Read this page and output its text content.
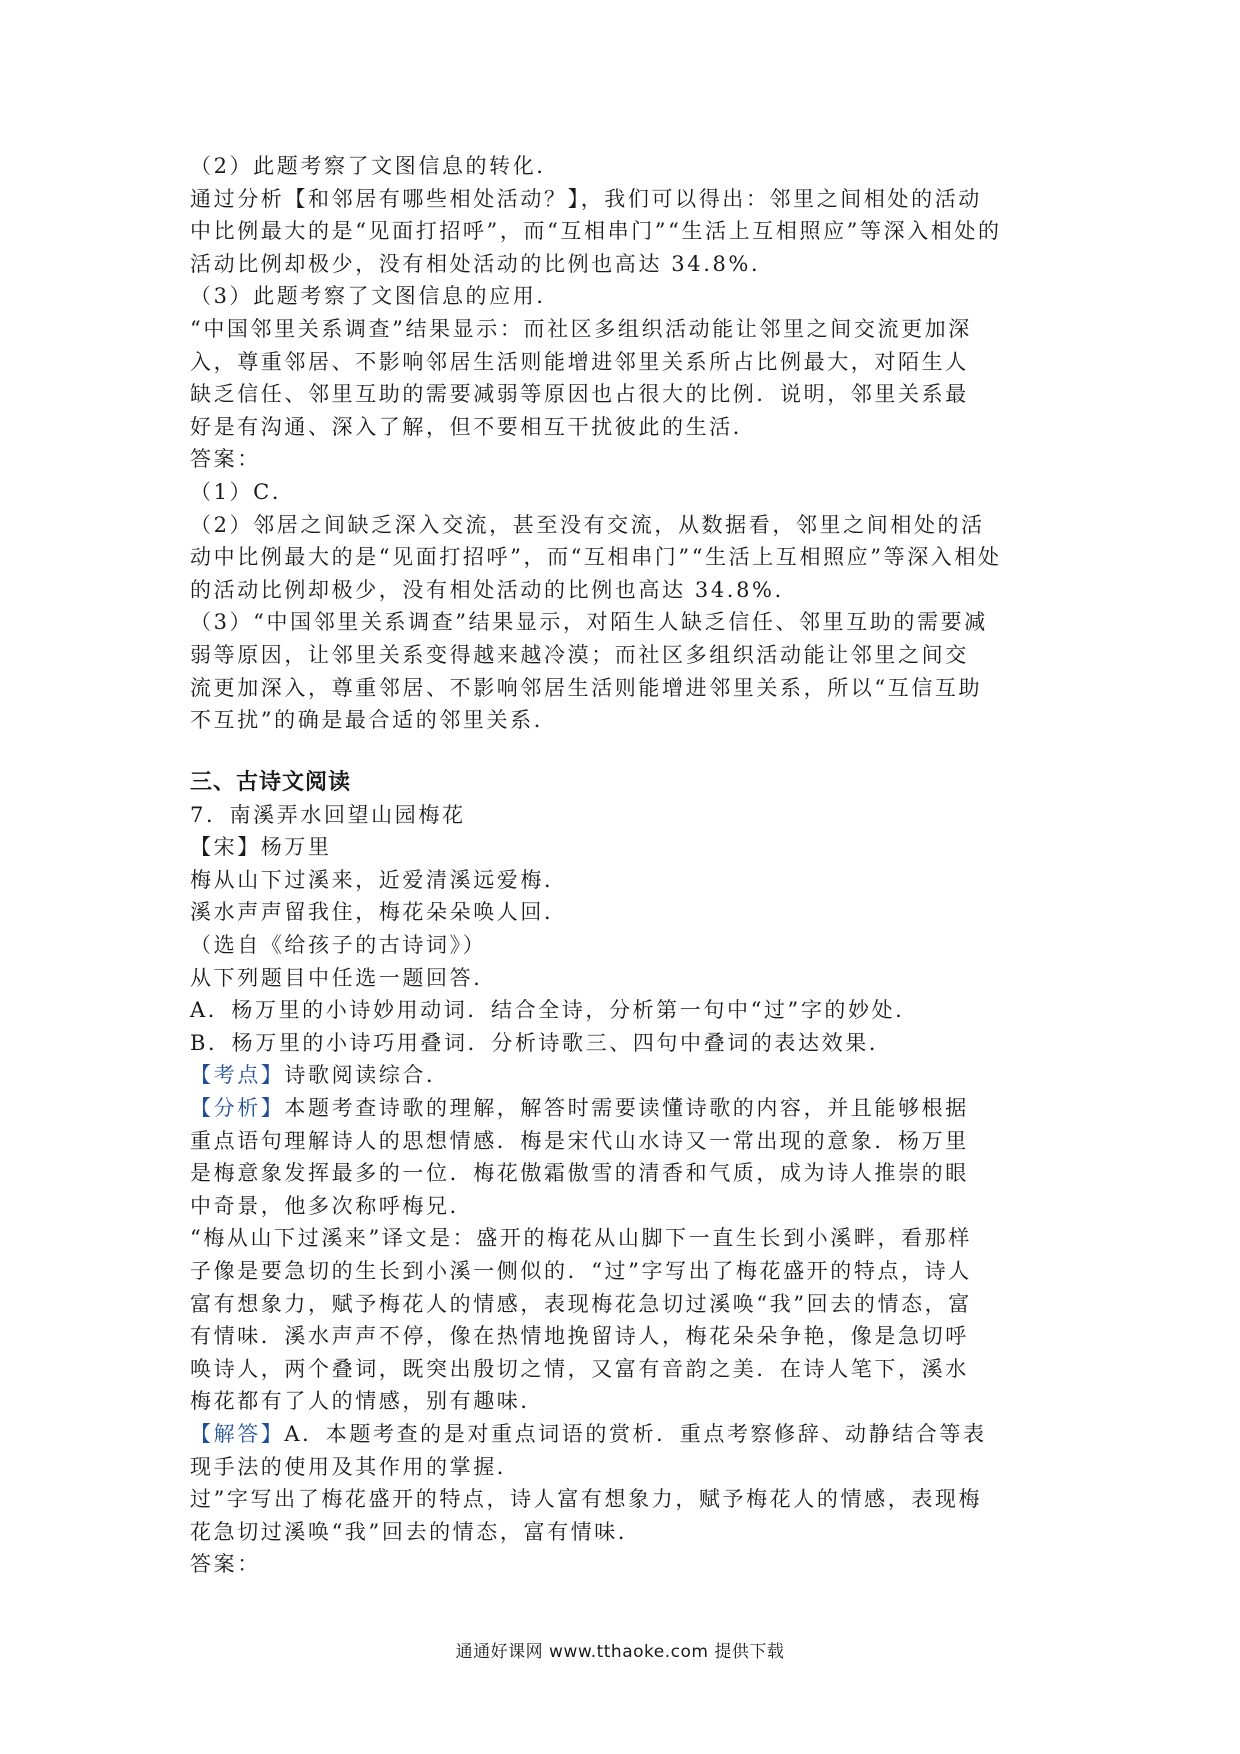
（2）此题考察了文图信息的转化．
通过分析【和邻居有哪些相处活动？】，我们可以得出：邻里之间相处的活动
中比例最大的是“见面打招呼”，而“互相串门”“生活上互相照应”等深入相处的
活动比例却极少，没有相处活动的比例也高达 34.8%．
（3）此题考察了文图信息的应用．
“中国邻里关系调查”结果显示：而社区多组织活动能让邻里之间交流更加深
入，尊重邻居、不影响邻居生活则能增进邻里关系所占比例最大，对陌生人
缺乏信任、邻里互助的需要减弱等原因也占很大的比例．说明，邻里关系最
好是有沟通、深入了解，但不要相互干扰彼此的生活．
答案：
（1）C．
（2）邻居之间缺乏深入交流，甚至没有交流，从数据看，邻里之间相处的活
动中比例最大的是“见面打招呼”，而“互相串门”“生活上互相照应”等深入相处
的活动比例却极少，没有相处活动的比例也高达 34.8%．
（3）“中国邻里关系调查”结果显示，对陌生人缺乏信任、邻里互助的需要减
弱等原因，让邻里关系变得越来越冷漠；而社区多组织活动能让邻里之间交
流更加深入，尊重邻居、不影响邻居生活则能增进邻里关系，所以“互信互助
不互扰”的确是最合适的邻里关系．
三、古诗文阅读
7．南溪弄水回望山园梅花
【宋】杨万里
梅从山下过溪来，近爱清溪远爱梅．
溪水声声留我住，梅花朵朵唤人回．
（选自《给孩子的古诗词》）
从下列题目中任选一题回答．
A．杨万里的小诗妙用动词．结合全诗，分析第一句中“过”字的妙处．
B．杨万里的小诗巧用叠词．分析诗歌三、四句中叠词的表达效果．
【考点】诗歌阅读综合．
【分析】本题考查诗歌的理解，解答时需要读懂诗歌的内容，并且能够根据
重点语句理解诗人的思想情感．梅是宋代山水诗又一常出现的意象．杨万里
是梅意象发挥最多的一位．梅花傲霜傲雪的清香和气质，成为诗人推崇的眼
中奇景，他多次称呼梅兄．
“梅从山下过溪来”译文是：盛开的梅花从山脚下一直生长到小溪畔，看那样
子像是要急切的生长到小溪一侧似的．“过”字写出了梅花盛开的特点，诗人
富有想象力，赋予梅花人的情感，表现梅花急切过溪唤“我”回去的情态，富
有情味．溪水声声不停，像在热情地挽留诗人，梅花朵朵争艳，像是急切呼
唤诗人，两个叠词，既突出殷切之情，又富有音韵之美．在诗人笔下，溪水
梅花都有了人的情感，别有趣味．
【解答】A．本题考查的是对重点词语的赏析．重点考察修辞、动静结合等表
现手法的使用及其作用的掌握．
过”字写出了梅花盛开的特点，诗人富有想象力，赋予梅花人的情感，表现梅
花急切过溪唤“我”回去的情态，富有情味．
答案：
通通好课网 www.tthaoke.com 提供下载
